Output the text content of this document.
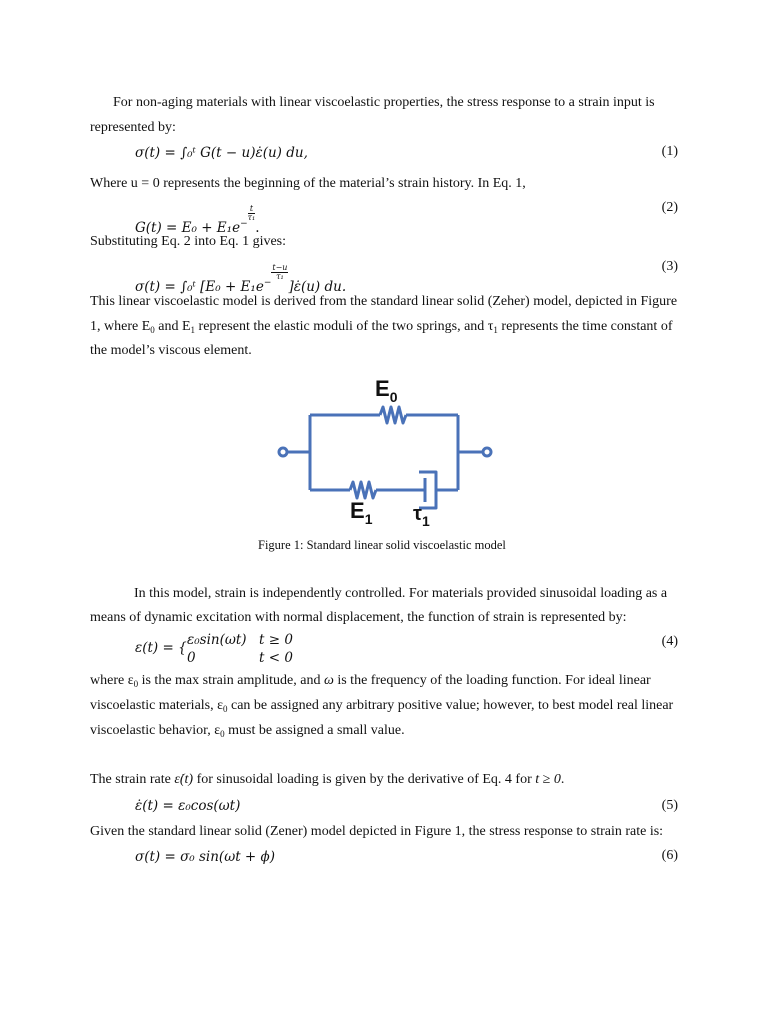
For non-aging materials with linear viscoelastic properties, the stress response to a strain input is
represented by:
σ(t) = ∫₀ᵗ G(t − u)ε̇(u) du,	(1)
Where u = 0 represents the beginning of the material’s strain history. In Eq. 1,
$G(t) = E_0 + E_1e^{- \frac{t}{\text{τ₁}}}$
.
(2)
Substituting Eq. 2 into Eq. 1 gives:
σ(t) = ∫₀ᵗ [$E_0 + E_1e^{- \frac{t-u}{\text{τ₁}}}$
]ε̇(u) du.
(3)
This linear viscoelastic model is derived from the standard linear solid (Zeher) model, depicted in Figure
1, where $E_0$ and $E_1$ represent the elastic moduli of the two springs, and $\tau_1$ represents the time constant of
the model’s viscous element.
$E_0$
$E_1$ $\tau_1$
Figure 1: Standard linear solid viscoelastic model
In this model, strain is independently controlled. For materials provided sinusoidal loading as a
means of dynamic excitation with normal displacement, the function of strain is represented by:
ε(t) = { ε₀sin(ωt) t ≥ 0
0	t < 0
(4)
where $\varepsilon_0$ is the max strain amplitude, and ω is the frequency of the loading function. For ideal linear
viscoelastic materials, $\varepsilon_0$ can be assigned any arbitrary positive value; however, to best model real linear
viscoelastic behavior, $\varepsilon_0$ must be assigned a small value.
The strain rate ε̇(t) for sinusoidal loading is given by the derivative of Eq. 4 for t ≥ 0.
ε̇(t) = ε₀cos(ωt)	(5)
Given the standard linear solid (Zener) model depicted in Figure 1, the stress response to strain rate is:
σ(t) = σ₀ sin(ωt + ϕ)	(6)
